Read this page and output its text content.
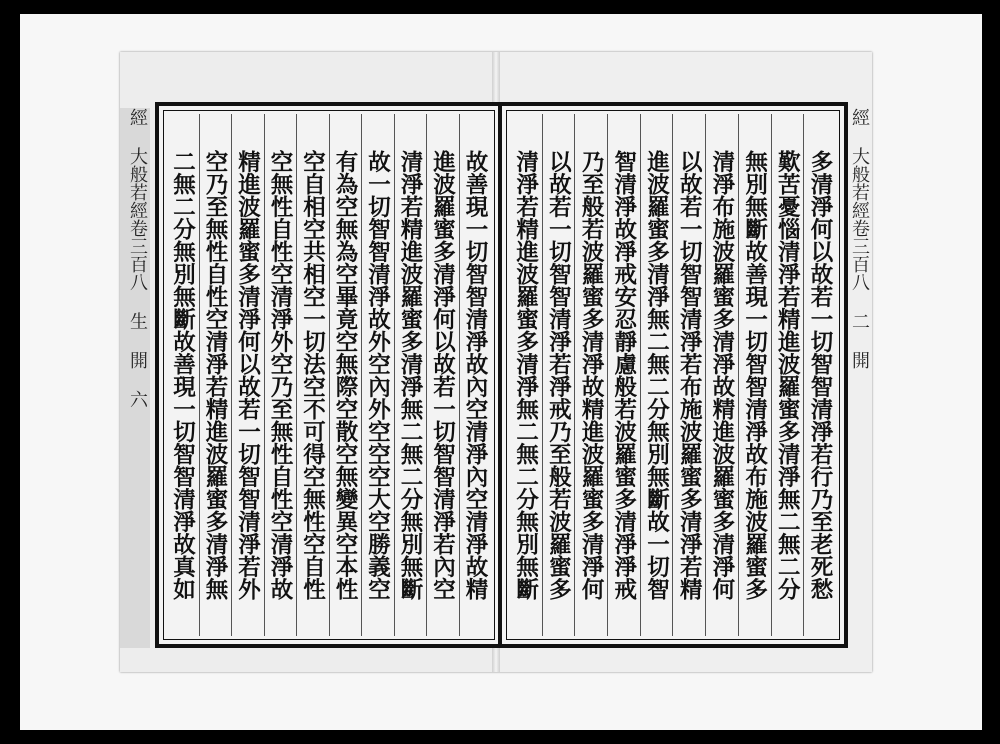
經 大般若經卷三百八 生 開 六	經 大般若經卷三百八 二 開
故善現一切智智清淨故內空清淨內空清淨故精
進波羅蜜多清淨何以故若一切智智清淨若內空
清淨若精進波羅蜜多清淨無二無二分無別無斷
故一切智智清淨故外空內外空空空大空勝義空
有為空無為空畢竟空無際空散空無變異空本性
空自相空共相空一切法空不可得空無性空自性
空無性自性空清淨外空乃至無性自性空清淨故
精進波羅蜜多清淨何以故若一切智智清淨若外
空乃至無性自性空清淨若精進波羅蜜多清淨無
二無二分無別無斷故善現一切智智清淨故真如	多清淨何以故若一切智智清淨若行乃至老死愁
歎苦憂惱清淨若精進波羅蜜多清淨無二無二分
無別無斷故善現一切智智清淨故布施波羅蜜多
清淨布施波羅蜜多清淨故精進波羅蜜多清淨何
以故若一切智智清淨若布施波羅蜜多清淨若精
進波羅蜜多清淨無二無二分無別無斷故一切智
智清淨故淨戒安忍靜慮般若波羅蜜多清淨淨戒
乃至般若波羅蜜多清淨故精進波羅蜜多清淨何
以故若一切智智清淨若淨戒乃至般若波羅蜜多
清淨若精進波羅蜜多清淨無二無二分無別無斷
